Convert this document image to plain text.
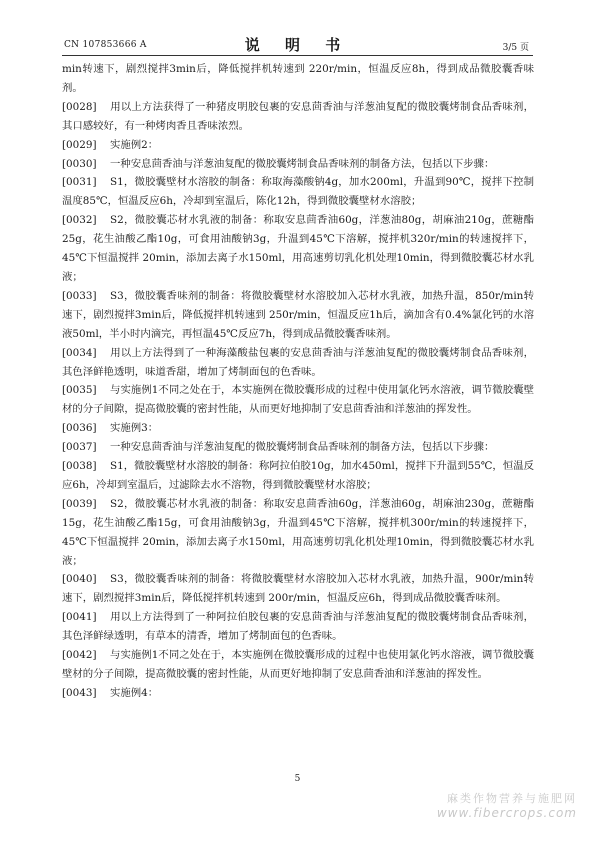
CN 107853666 A	说 明 书	3/5 页

min转速下，剧烈搅拌3min后，降低搅拌机转速到 220r/min，恒温反应8h，得到成品微胶囊香味剂。

[0028] 用以上方法获得了一种猪皮明胶包裹的安息茴香油与洋葱油复配的微胶囊烤制食品香味剂，其口感较好，有一种烤肉香且香味浓烈。

[0029] 实施例2：

[0030] 一种安息茴香油与洋葱油复配的微胶囊烤制食品香味剂的制备方法，包括以下步骤：

[0031] S1，微胶囊壁材水溶胶的制备：称取海藻酸钠4g，加水200ml，升温到90℃，搅拌下控制温度85℃，恒温反应6h，冷却到室温后，陈化12h，得到微胶囊壁材水溶胶；

[0032] S2，微胶囊芯材水乳液的制备：称取安息茴香油60g，洋葱油80g，胡麻油210g，蔗糖酯25g，花生油酸乙酯10g，可食用油酸钠3g，升温到45℃下溶解，搅拌机320r/min的转速搅拌下，45℃下恒温搅拌 20min，添加去离子水150ml，用高速剪切乳化机处理10min，得到微胶囊芯材水乳液；

[0033] S3，微胶囊香味剂的制备：将微胶囊壁材水溶胶加入芯材水乳液，加热升温，850r/min转速下，剧烈搅拌3min后，降低搅拌机转速到 250r/min，恒温反应1h后，滴加含有0.4%氯化钙的水溶液50ml，半小时内滴完，再恒温45℃反应7h，得到成品微胶囊香味剂。

[0034] 用以上方法得到了一种海藻酸盐包裹的安息茴香油与洋葱油复配的微胶囊烤制食品香味剂，其色泽鲜艳透明，味道香甜，增加了烤制面包的色香味。

[0035] 与实施例1不同之处在于，本实施例在微胶囊形成的过程中使用氯化钙水溶液，调节微胶囊壁材的分子间隙，提高微胶囊的密封性能，从而更好地抑制了安息茴香油和洋葱油的挥发性。

[0036] 实施例3：

[0037] 一种安息茴香油与洋葱油复配的微胶囊烤制食品香味剂的制备方法，包括以下步骤：

[0038] S1，微胶囊壁材水溶胶的制备：称阿拉伯胶10g，加水450ml，搅拌下升温到55℃，恒温反应6h，冷却到室温后，过滤除去水不溶物，得到微胶囊壁材水溶胶；

[0039] S2，微胶囊芯材水乳液的制备：称取安息茴香油60g，洋葱油60g，胡麻油230g，蔗糖酯15g，花生油酸乙酯15g，可食用油酸钠3g，升温到45℃下溶解，搅拌机300r/min的转速搅拌下，45℃下恒温搅拌 20min，添加去离子水150ml，用高速剪切乳化机处理10min，得到微胶囊芯材水乳液；

[0040] S3，微胶囊香味剂的制备：将微胶囊壁材水溶胶加入芯材水乳液，加热升温，900r/min转速下，剧烈搅拌3min后，降低搅拌机转速到 200r/min，恒温反应6h，得到成品微胶囊香味剂。

[0041] 用以上方法得到了一种阿拉伯胶包裹的安息茴香油与洋葱油复配的微胶囊烤制食品香味剂，其色泽鲜绿透明，有草本的清香，增加了烤制面包的色香味。

[0042] 与实施例1不同之处在于，本实施例在微胶囊形成的过程中也使用氯化钙水溶液，调节微胶囊壁材的分子间隙，提高微胶囊的密封性能，从而更好地抑制了安息茴香油和洋葱油的挥发性。

[0043] 实施例4：

5
麻类作物营养与施肥网
www.fibercrops.com
